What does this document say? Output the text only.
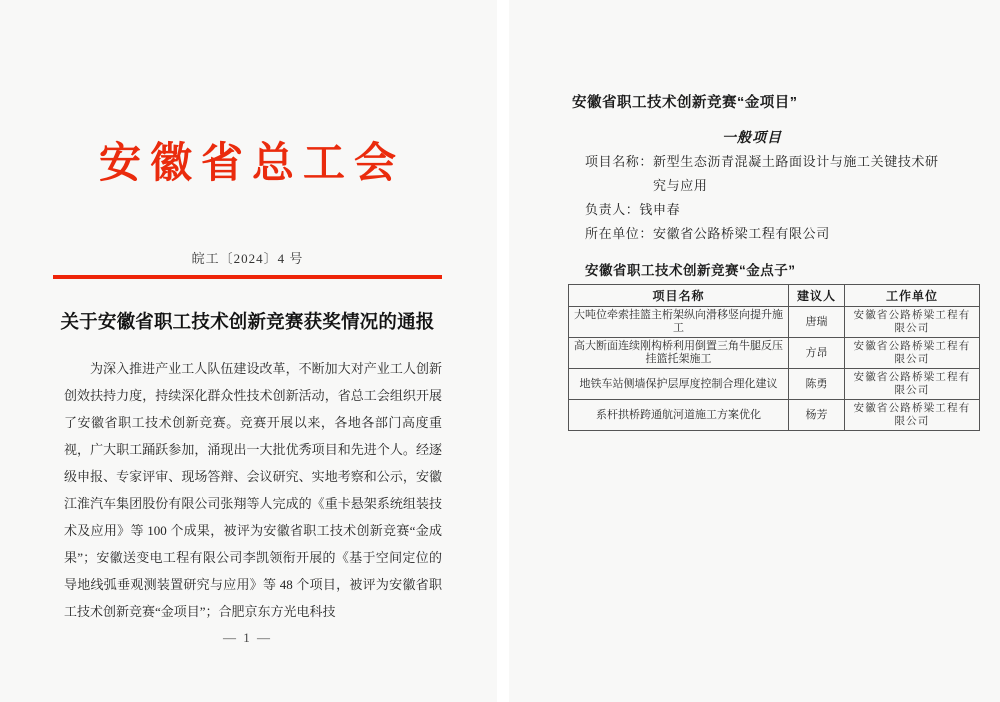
安徽省总工会
皖工〔2024〕4 号
关于安徽省职工技术创新竞赛获奖情况的通报
为深入推进产业工人队伍建设改革，不断加大对产业工人创新创效扶持力度，持续深化群众性技术创新活动，省总工会组织开展了安徽省职工技术创新竞赛。竞赛开展以来，各地各部门高度重视，广大职工踊跃参加，涌现出一大批优秀项目和先进个人。经逐级申报、专家评审、现场答辩、会议研究、实地考察和公示，安徽江淮汽车集团股份有限公司张翔等人完成的《重卡悬架系统组装技术及应用》等 100 个成果，被评为安徽省职工技术创新竞赛“金成果”；安徽送变电工程有限公司李凯领衔开展的《基于空间定位的导地线弧垂观测装置研究与应用》等 48 个项目，被评为安徽省职工技术创新竞赛“金项目”；合肥京东方光电科技
— 1 —
安徽省职工技术创新竞赛“金项目”
一般项目
项目名称： 新型生态沥青混凝土路面设计与施工关键技术研究与应用
负责人： 钱申春
所在单位： 安徽省公路桥梁工程有限公司
安徽省职工技术创新竞赛“金点子”
项目名称	建议人	工作单位
大吨位牵索挂篮主桁架纵向滑移竖向提升施工	唐瑞	安徽省公路桥梁工程有限公司
高大断面连续刚构桥利用倒置三角牛腿反压挂篮托架施工	方昂	安徽省公路桥梁工程有限公司
地铁车站侧墙保护层厚度控制合理化建议	陈勇	安徽省公路桥梁工程有限公司
系杆拱桥跨通航河道施工方案优化	杨芳	安徽省公路桥梁工程有限公司
